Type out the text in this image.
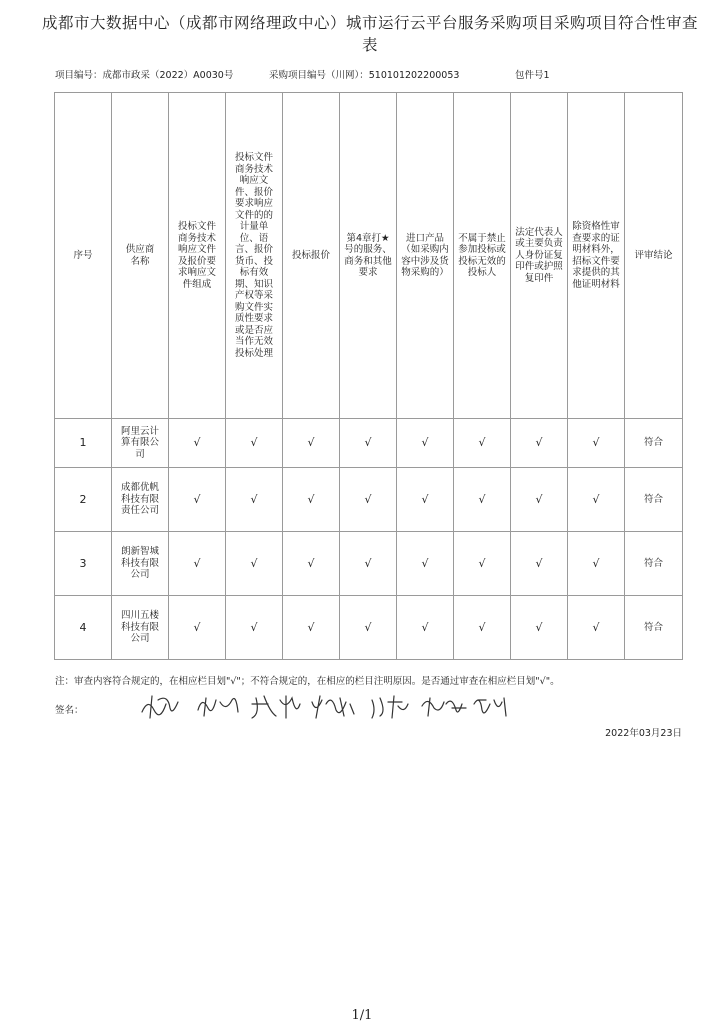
成都市大数据中心（成都市网络理政中心）城市运行云平台服务采购项目采购项目符合性审查表
项目编号：成都市政采（2022）A0030号	采购项目编号（川网）：510101202200053	包件号1
序号	供应商名称	投标文件商务技术响应文件及报价要求响应文件组成	投标文件商务技术响应文件、报价要求响应文件的的计量单位、语言、报价货币、投标有效期、知识产权等采购文件实质性要求或是否应当作无效投标处理	投标报价	第4章打★号的服务、商务和其他要求	进口产品（如采购内容中涉及货物采购的）	不属于禁止参加投标或投标无效的投标人	法定代表人或主要负责人身份证复印件或护照复印件	除资格性审查要求的证明材料外，招标文件要求提供的其他证明材料	评审结论

1	阿里云计算有限公司	√	√	√	√	√	√	√	√	符合
2	成都优帆科技有限责任公司	√	√	√	√	√	√	√	√	符合
3	朗新智城科技有限公司	√	√	√	√	√	√	√	√	符合
4	四川五楼科技有限公司	√	√	√	√	√	√	√	√	符合
注：审查内容符合规定的，在相应栏目划"√"；不符合规定的，在相应的栏目注明原因。是否通过审查在相应栏目划"√"。
签名：
2022年03月23日
1/1
